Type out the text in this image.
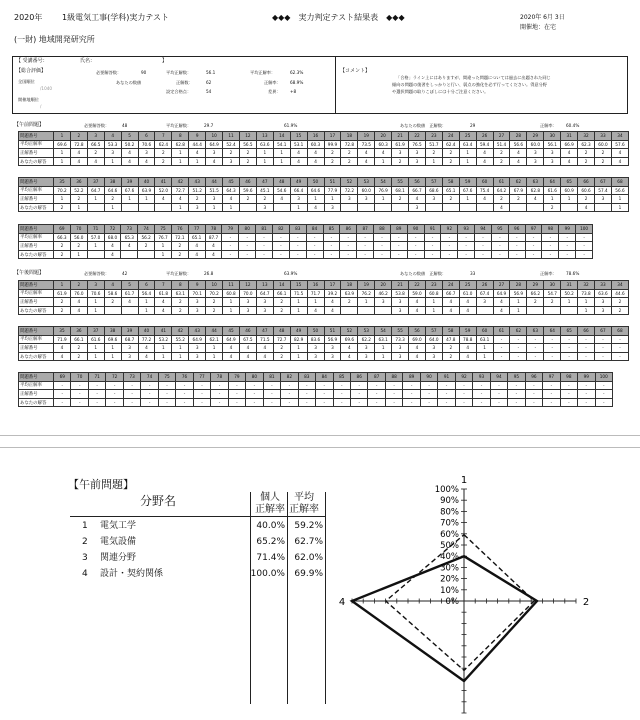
2020年 1級電気工事(学科)実力テスト	◆◆◆　実力判定テスト結果表　◆◆◆	2020年 6月 3日
開催地：在宅
(一財) 地域開発研究所
【 受講番号：	氏名：	】
【総合評価】
全国順位
/1040
開催地順位
/
必要解答数：	90
あなたの数値
平均正解数：	56.1
正解数：	62
設定合格点：	54
平均正解率：	62.3%
正解率： 68.9%
差異： +8
【コメント】
「合格」ライン上にはありますが、間違った問題については過去に出題された同じ
傾向の問題の復習をしっかりと行い、弱点の強化を必ず行ってください。得意分野
や選択問題の取りこぼしには十分ご注意ください。
【午前問題】	必要解答数：	48	平均正解数：	29.7	61.9%	あなたの数値　正解数：	29	正解率： 60.4%
問題番号	1	2	3	4	5	6	7	8	9	10	11	12	13	14	15	16	17	18	19	20	21	22	23	24	25	26	27	28	29	30	31	32	33	34
平均正解率	69.6	72.8	66.5	53.3	50.2	70.6	62.4	62.8	44.4	64.9	52.4	56.5	63.6	54.1	53.1	60.3	99.9	72.8	73.5	60.3	61.9	76.5	51.7	62.4	63.4	59.4	51.4	56.6	60.0	56.1	66.9	62.3	60.0	57.6
正解番号	1	4	2	3	4	3	2	1	4	3	2	2	1	1	4	4	2	2	4	4	3	3	2	2	1	4	2	4	3	3	4	2	2	4
あなたの解答	1	4	4	1	4	4	2	1	1	4	3	2	1	1	4	4	2	2	4	1	2	3	1	2	1	4	2	4	3	3	4	2	2	4
問題番号	35	36	37	38	39	40	41	42	43	44	45	46	47	48	49	50	51	52	53	54	55	56	57	58	59	60	61	62	63	64	65	66	67	68
平均正解率	70.2	52.2	64.7	64.6	67.6	63.9	52.0	72.7	51.2	51.5	64.3	59.6	45.1	54.6	66.4	64.6	77.9	72.2	60.0	76.9	68.1	66.7	68.6	65.1	67.6	75.4	64.2	67.9	62.8	61.6	60.9	60.6	57.4	56.6
正解番号	1	2	1	2	1	1	4	4	2	3	4	2	2	4	3	1	1	3	3	1	2	4	3	2	1	4	2	2	4	1	1	2	3	1
あなたの解答	2	1		1				1	3	1	1		3		1	4	3					3					4			2		4		1
問題番号	69	70	71	72	73	74	75	76	77	78	79	80	81	82	83	84	85	86	87	88	89	90	91	92	93	94	95	96	97	98	99	100
平均正解率	66.3	56.0	57.0	68.0	65.3	56.2	76.7	72.1	65.1	87.7	-	-	-	-	-	-	-	-	-	-	-	-	-	-	-	-	-	-	-	-	-	-
正解番号	2	2	1	4	4	2	1	2	4	4	-	-	-	-	-	-	-	-	-	-	-	-	-	-	-	-	-	-	-	-	-	-
あなたの解答	2	1		4			1	2	4	4	-	-	-	-	-	-	-	-	-	-	-	-	-	-	-	-	-	-	-	-	-	-
【午後問題】	必要解答数：	42	平均正解数：	26.8	63.9%	あなたの数値　正解数：	33	正解率： 78.6%
問題番号	1	2	3	4	5	6	7	8	9	10	11	12	13	14	15	16	17	18	19	20	21	22	23	24	25	26	27	28	29	30	31	32	33	34
平均正解率	61.9	76.0	70.6	58.6	61.7	56.4	61.8	63.1	70.1	70.2	60.8	70.0	64.7	66.1	71.5	71.7	39.2	63.9	76.2	46.2	53.8	59.0	60.8	66.7	61.0	67.4	64.9	56.9	66.2	54.7	50.2	73.8	63.6	44.6
正解番号	2	4	1	2	4	1	4	2	3	2	1	3	3	2	1	1	4	2	1	3	3	4	1	4	4	3	4	1	2	2	1	1	3	2
あなたの解答	2	4	1			1	4	2	3	2	1	3	3	2	1	4	4				3	4	1	4	4		4	1				1	3	2
問題番号	35	36	37	38	39	40	41	42	43	44	45	46	47	48	49	50	51	52	53	54	55	56	57	58	59	60	61	62	63	64	65	66	67	68
平均正解率	71.9	66.1	61.6	69.6	68.7	77.2	53.2	55.2	64.9	62.1	64.9	67.5	71.5	72.7	82.9	83.6	56.9	69.6	62.2	63.1	73.3	69.0	64.0	47.8	78.8	63.1	-	-	-	-	-	-	-	-
正解番号	4	2	1	1	3	4	1	1	3	1	4	4	4	2	1	3	3	4	3	1	3	4	3	2	4	1	-	-	-	-	-	-	-	-
あなたの解答	4	2	1	1	3	4	1	1	3	1	4	4	4	2	1	3	3	4	3	1	3	4	3	2	4	1	-	-	-	-	-	-	-	-
問題番号	69	70	71	72	73	74	75	76	77	78	79	80	81	82	83	84	85	86	87	88	89	90	91	92	93	94	95	96	97	98	99	100
平均正解率	-	-	-	-	-	-	-	-	-	-	-	-	-	-	-	-	-	-	-	-	-	-	-	-	-	-	-	-	-	-	-	-
正解番号	-	-	-	-	-	-	-	-	-	-	-	-	-	-	-	-	-	-	-	-	-	-	-	-	-	-	-	-	-	-	-	-
あなたの解答	-	-	-	-	-	-	-	-	-	-	-	-	-	-	-	-	-	-	-	-	-	-	-	-	-	-	-	-	-	-	-	-
【午前問題】
分野名	個人
正解率
平均
正解率
1 電気工学	40.0%	59.2%
2 電気設備	65.2%	62.7%
3 関連分野	71.4%	62.0%
4 設計・契約関係	100.0%	69.9%
1
2
4	0%
10%
20%
30%
40%
50%
60%
70%
80%
90%
100%
